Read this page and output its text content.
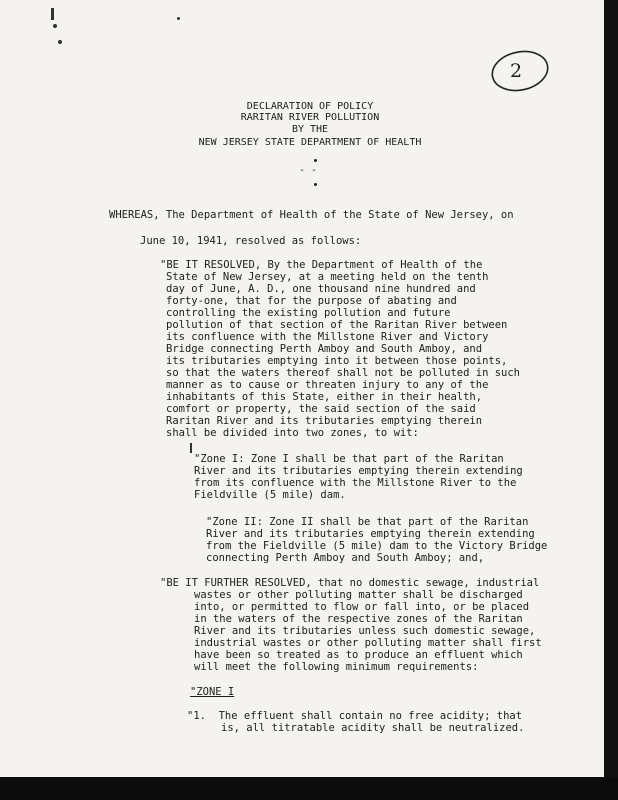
2
DECLARATION OF POLICY
RARITAN RIVER POLLUTION
BY THE
NEW JERSEY STATE DEPARTMENT OF HEALTH
- -
WHEREAS, The Department of Health of the State of New Jersey, on
June 10, 1941, resolved as follows:
"BE IT RESOLVED, By the Department of Health of the
State of New Jersey, at a meeting held on the tenth
day of June, A. D., one thousand nine hundred and
forty-one, that for the purpose of abating and
controlling the existing pollution and future
pollution of that section of the Raritan River between
its confluence with the Millstone River and Victory
Bridge connecting Perth Amboy and South Amboy, and
its tributaries emptying into it between those points,
so that the waters thereof shall not be polluted in such
manner as to cause or threaten injury to any of the
inhabitants of this State, either in their health,
comfort or property, the said section of the said
Raritan River and its tributaries emptying therein
shall be divided into two zones, to wit:
"Zone I: Zone I shall be that part of the Raritan
River and its tributaries emptying therein extending
from its confluence with the Millstone River to the
Fieldville (5 mile) dam.
"Zone II: Zone II shall be that part of the Raritan
River and its tributaries emptying therein extending
from the Fieldville (5 mile) dam to the Victory Bridge
connecting Perth Amboy and South Amboy; and,
"BE IT FURTHER RESOLVED, that no domestic sewage, industrial
wastes or other polluting matter shall be discharged
into, or permitted to flow or fall into, or be placed
in the waters of the respective zones of the Raritan
River and its tributaries unless such domestic sewage,
industrial wastes or other polluting matter shall first
have been so treated as to produce an effluent which
will meet the following minimum requirements:
"ZONE I
"1.  The effluent shall contain no free acidity; that
is, all titratable acidity shall be neutralized.
